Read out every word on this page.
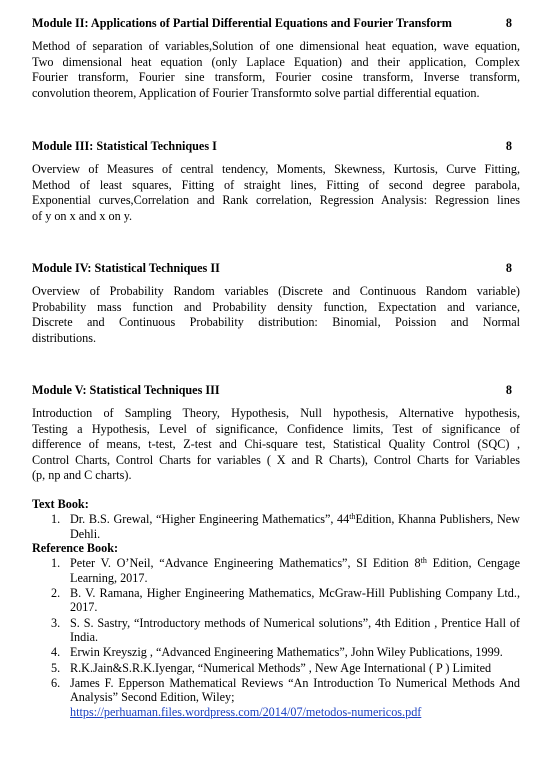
Module II: Applications of Partial Differential Equations and Fourier Transform	8
Method of separation of variables,Solution of one dimensional heat equation, wave equation,
Two dimensional heat equation (only Laplace Equation) and their application, Complex
Fourier transform, Fourier sine transform, Fourier cosine transform, Inverse transform,
convolution theorem, Application of Fourier Transformto solve partial differential equation.
Module III: Statistical Techniques I	8
Overview of Measures of central tendency, Moments, Skewness, Kurtosis, Curve Fitting,
Method of least squares, Fitting of straight lines, Fitting of second degree parabola,
Exponential curves,Correlation and Rank correlation, Regression Analysis: Regression lines
of y on x and x on y.
Module IV: Statistical Techniques II	8
Overview of Probability Random variables (Discrete and Continuous Random variable)
Probability mass function and Probability density function, Expectation and variance,
Discrete and Continuous Probability distribution: Binomial, Poission and Normal
distributions.
Module V: Statistical Techniques III	8
Introduction of Sampling Theory, Hypothesis, Null hypothesis, Alternative hypothesis,
Testing a Hypothesis, Level of significance, Confidence limits, Test of significance of
difference of means, t-test, Z-test and Chi-square test, Statistical Quality Control (SQC) ,
Control Charts, Control Charts for variables ( X and R Charts), Control Charts for Variables
(p, np and C charts).
Text Book:
1. Dr. B.S. Grewal, “Higher Engineering Mathematics”, 44thEdition, Khanna Publishers, New Dehli.
Reference Book:
1. Peter V. O’Neil, “Advance Engineering Mathematics”, SI Edition 8th Edition, Cengage Learning, 2017.
2. B. V. Ramana, Higher Engineering Mathematics, McGraw-Hill Publishing Company Ltd., 2017.
3. S. S. Sastry, “Introductory methods of Numerical solutions”, 4th Edition , Prentice Hall of India.
4. Erwin Kreyszig , “Advanced Engineering Mathematics”, John Wiley Publications, 1999.
5. R.K.Jain&S.R.K.Iyengar, “Numerical Methods” , New Age International ( P ) Limited
6. James F. Epperson Mathematical Reviews “An Introduction To Numerical Methods And Analysis” Second Edition, Wiley;
https://perhuaman.files.wordpress.com/2014/07/metodos-numericos.pdf
